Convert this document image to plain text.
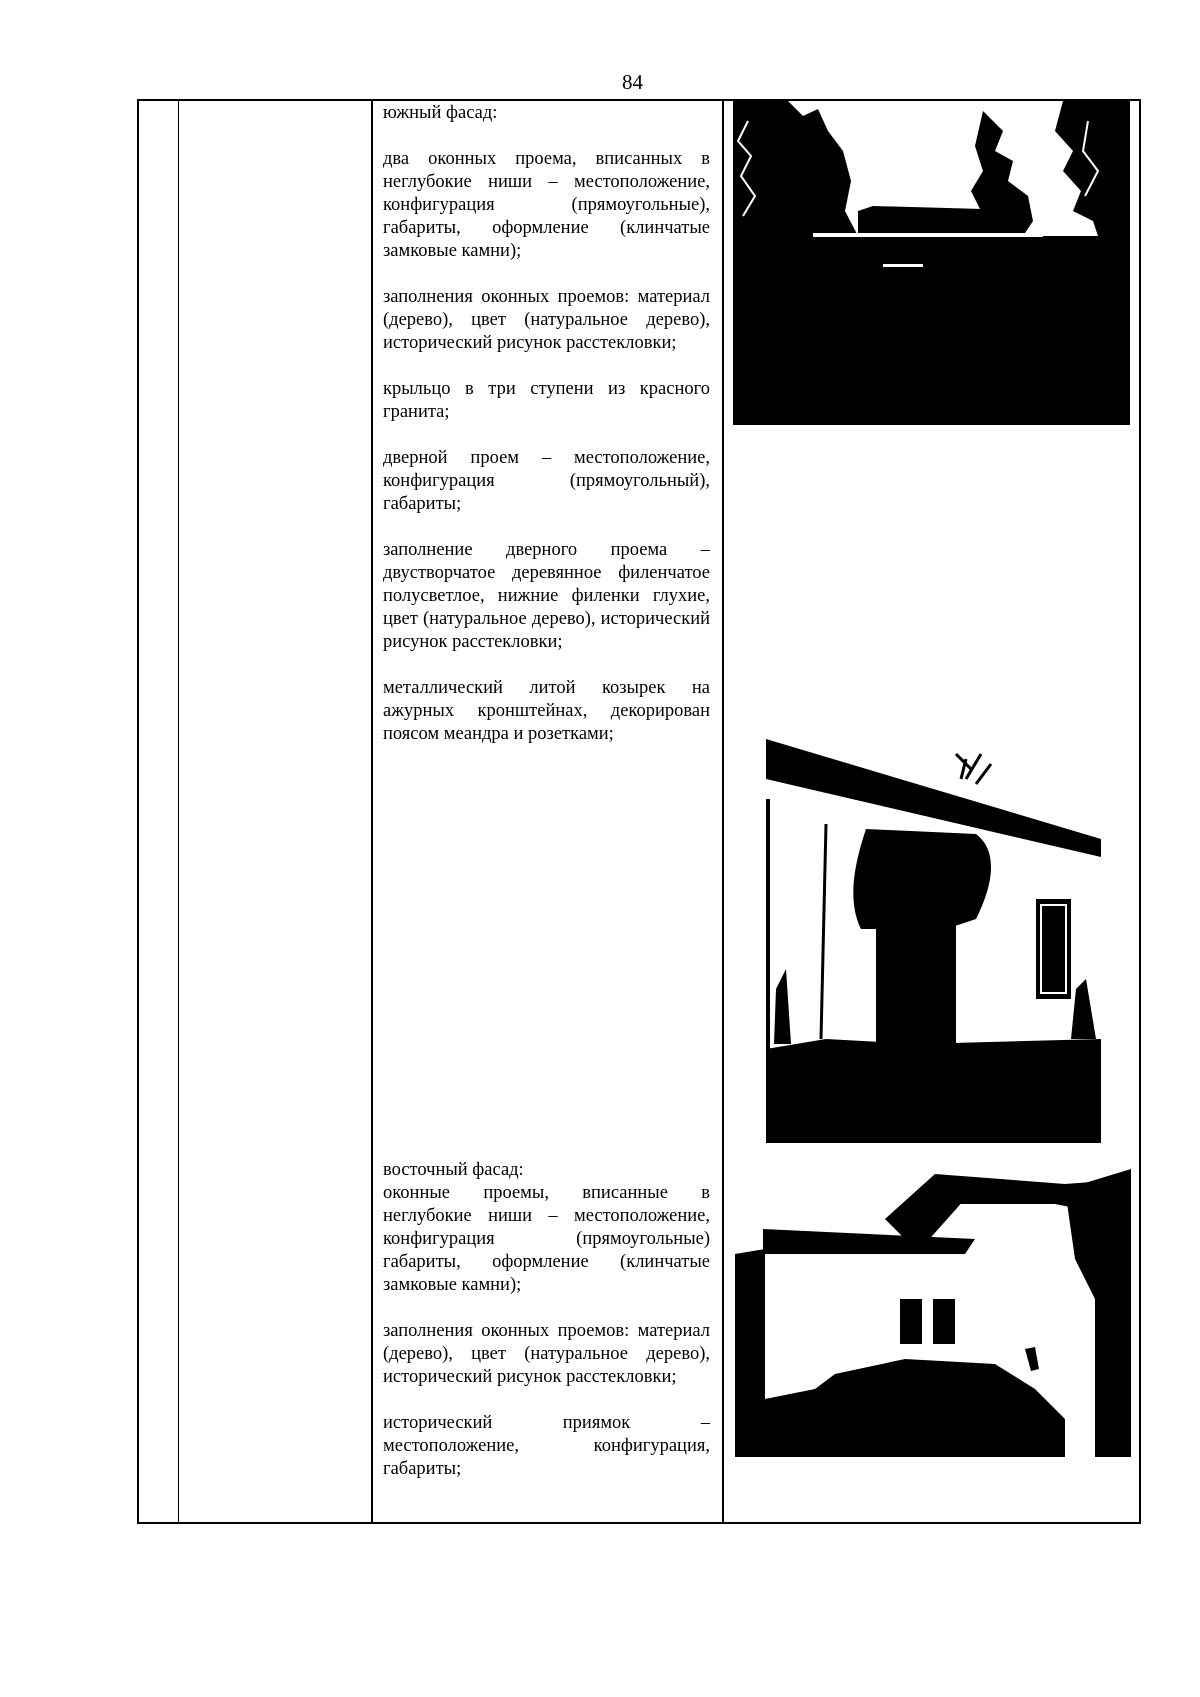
84

южный фасад:

два оконных проема, вписанных в неглубокие ниши – местоположение, конфигурация (прямоугольные), габариты, оформление (клинчатые замковые камни);

заполнения оконных проемов: материал (дерево), цвет (натуральное дерево), исторический рисунок расстекловки;

крыльцо в три ступени из красного гранита;

дверной проем – местоположение, конфигурация (прямоугольный), габариты;

заполнение дверного проема – двустворчатое деревянное филенчатое полусветлое, нижние филенки глухие, цвет (натуральное дерево), исторический рисунок расстекловки;

металлический литой козырек на ажурных кронштейнах, декорирован поясом меандра и розетками;

восточный фасад:

оконные проемы, вписанные в неглубокие ниши – местоположение, конфигурация (прямоугольные) габариты, оформление (клинчатые замковые камни);

заполнения оконных проемов: материал (дерево), цвет (натуральное дерево), исторический рисунок расстекловки;

исторический приямок – местоположение, конфигурация, габариты;
